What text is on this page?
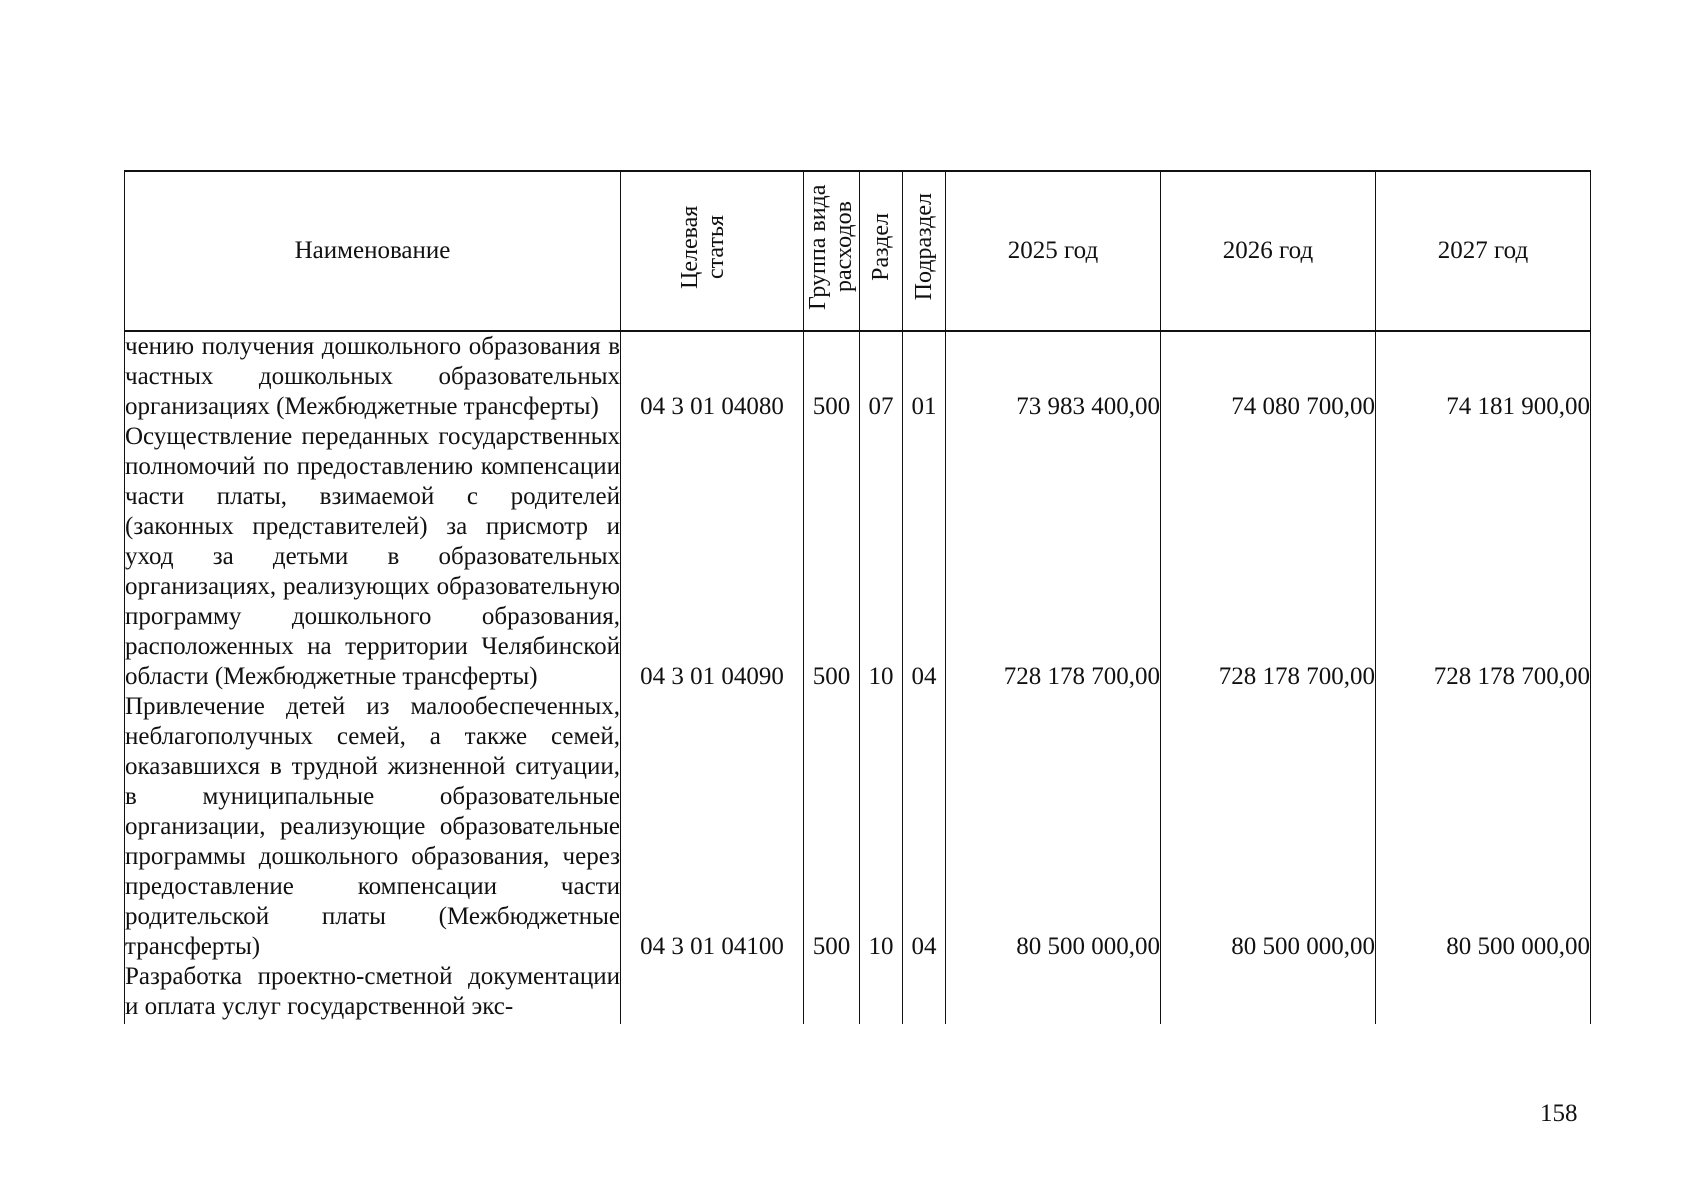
Наименование	Целевая статья	Группа вида расходов	Раздел	Подраздел	2025 год	2026 год	2027 год

чению получения дошкольного образования в частных дошкольных образовательных организациях (Межбюджетные трансферты)	04 3 01 04080	500	07	01	73 983 400,00	74 080 700,00	74 181 900,00

Осуществление переданных государственных полномочий по предоставлению компенсации части платы, взимаемой с родителей (законных представителей) за присмотр и уход за детьми в образовательных организациях, реализующих образовательную программу дошкольного образования, расположенных на территории Челябинской области (Межбюджетные трансферты)	04 3 01 04090	500	10	04	728 178 700,00	728 178 700,00	728 178 700,00

Привлечение детей из малообеспеченных, неблагополучных семей, а также семей, оказавшихся в трудной жизненной ситуации, в муниципальные образовательные организации, реализующие образовательные программы дошкольного образования, через предоставление компенсации части родительской платы (Межбюджетные трансферты)	04 3 01 04100	500	10	04	80 500 000,00	80 500 000,00	80 500 000,00

Разработка проектно-сметной документации и оплата услуг государственной экс-							

158
